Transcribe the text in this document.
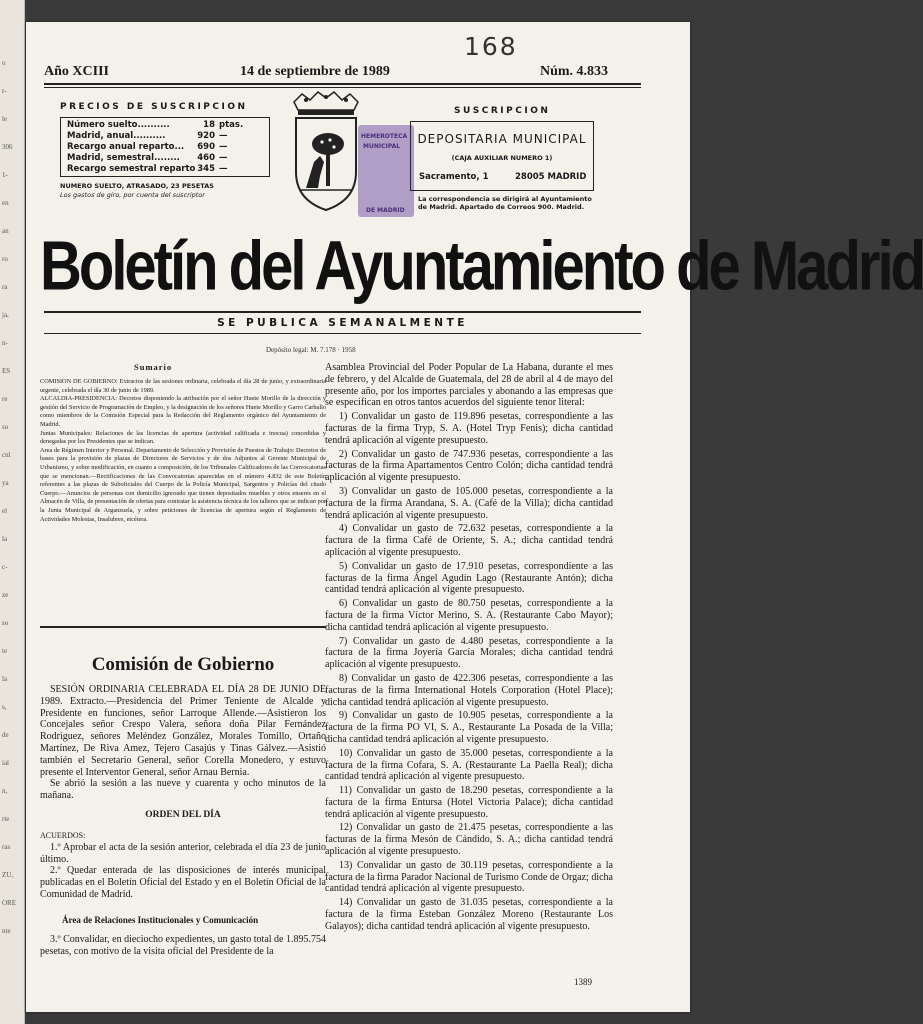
o
r-
le
306
1-
en
an
ro
ra
ja,
n-
ES
re
so
cnl
ya
el
la
c-
ze
so
te
la
s,
de
ial
n,
rte
ras
ZU,
ORE
nte
168
Año XCIII	14 de septiembre de 1989	Núm. 4.833
PRECIOS DE SUSCRIPCION
Número suelto..........	18 ptas.
Madrid, anual..........	920 —
Recargo anual reparto...	690 —
Madrid, semestral........	460 —
Recargo semestral reparto 345 —
NUMERO SUELTO, ATRASADO, 23 PESETAS
Los gastos de giro, por cuenta del suscriptor
HEMEROTECA
MUNICIPAL
DE MADRID
SUSCRIPCION
DEPOSITARIA MUNICIPAL
(CAJA AUXILIAR NUMERO 1)
Sacramento, 1	28005 MADRID
La correspondencia se dirigirá al Ayuntamiento
de Madrid. Apartado de Correos 900. Madrid.
Boletín del Ayuntamiento de Madrid
SE PUBLICA SEMANALMENTE
Depósito legal: M. 7.178 · 1958
Sumario

COMISION DE GOBIERNO: Extractos de las sesiones ordinaria, celebrada el día 28 de junio, y extraordinaria urgente, celebrada el día 30 de junio de 1989.

ALCALDIA-PRESIDENCIA: Decretos disponiendo la atribución por el señor Huete Morillo de la dirección y gestión del Servicio de Programación de Empleo, y la designación de los señores Huete Morillo y Garro Carballo como miembros de la Comisión Especial para la Redacción del Reglamento orgánico del Ayuntamiento de Madrid.

Juntas Municipales: Relaciones de las licencias de apertura (actividad calificada e inocua) concedidas y denegadas por los Presidentes que se indican.

Area de Régimen Interior y Personal. Departamento de Selección y Provisión de Puestos de Trabajo: Decretos de bases para la provisión de plazas de Directores de Servicios y de dos Adjuntos al Gerente Municipal de Urbanismo, y sobre modificación, en cuanto a composición, de los Tribunales Calificadores de las Convocatorias que se mencionan.—Rectificaciones de las Convocatorias aparecidas en el número 4.832 de este Boletín referentes a las plazas de Suboficiales del Cuerpo de la Policía Municipal, Sargentos y Policías del citado Cuerpo.—Anuncios de personas con domicilio ignorado que tienen depositados muebles y otros enseres en el Almacén de Villa, de presentación de ofertas para contratar la asistencia técnica de los talleres que se indican por la Junta Municipal de Arganzuela, y sobre peticiones de licencias de apertura según el Reglamento de Actividades Molestas, Insalubres, etcétera.

Comisión de Gobierno

SESIÓN ORDINARIA CELEBRADA EL DÍA 28 DE JUNIO DE 1989. Extracto.—Presidencia del Primer Teniente de Alcalde y Presidente en funciones, señor Larroque Allende.—Asistieron los Concejales señor Crespo Valera, señora doña Pilar Fernández Rodríguez, señores Meléndez González, Morales Tomillo, Ortaño Martínez, De Riva Amez, Tejero Casajús y Tinas Gálvez.—Asistió también el Secretario General, señor Corella Monedero, y estuvo presente el Interventor General, señor Arnau Bernia.

Se abrió la sesión a las nueve y cuarenta y ocho minutos de la mañana.

ORDEN DEL DÍA

ACUERDOS:

1.º Aprobar el acta de la sesión anterior, celebrada el día 23 de junio último.

2.º Quedar enterada de las disposiciones de interés municipal publicadas en el Boletín Oficial del Estado y en el Boletín Oficial de la Comunidad de Madrid.

Área de Relaciones Institucionales y Comunicación

3.º Convalidar, en dieciocho expedientes, un gasto total de 1.895.754 pesetas, con motivo de la visita oficial del Presidente de la

Asamblea Provincial del Poder Popular de La Habana, durante el mes de febrero, y del Alcalde de Guatemala, del 28 de abril al 4 de mayo del presente año, por los importes parciales y abonando a las empresas que se especifican en otros tantos acuerdos del siguiente tenor literal:

1) Convalidar un gasto de 119.896 pesetas, correspondiente a las facturas de la firma Tryp, S. A. (Hotel Tryp Fenis); dicha cantidad tendrá aplicación al vigente presupuesto.

2) Convalidar un gasto de 747.936 pesetas, correspondiente a las facturas de la firma Apartamentos Centro Colón; dicha cantidad tendrá aplicación al vigente presupuesto.

3) Convalidar un gasto de 105.000 pesetas, correspondiente a la factura de la firma Arandana, S. A. (Café de la Villa); dicha cantidad tendrá aplicación al vigente presupuesto.

4) Convalidar un gasto de 72.632 pesetas, correspondiente a la factura de la firma Café de Oriente, S. A.; dicha cantidad tendrá aplicación al vigente presupuesto.

5) Convalidar un gasto de 17.910 pesetas, correspondiente a las facturas de la firma Ángel Agudín Lago (Restaurante Antón); dicha cantidad tendrá aplicación al vigente presupuesto.

6) Convalidar un gasto de 80.750 pesetas, correspondiente a la factura de la firma Víctor Merino, S. A. (Restaurante Cabo Mayor); dicha cantidad tendrá aplicación al vigente presupuesto.

7) Convalidar un gasto de 4.480 pesetas, correspondiente a la factura de la firma Joyería García Morales; dicha cantidad tendrá aplicación al vigente presupuesto.

8) Convalidar un gasto de 422.306 pesetas, correspondiente a las facturas de la firma International Hotels Corporation (Hotel Place); dicha cantidad tendrá aplicación al vigente presupuesto.

9) Convalidar un gasto de 10.905 pesetas, correspondiente a la factura de la firma PO VI, S. A., Restaurante La Posada de la Villa; dicha cantidad tendrá aplicación al vigente presupuesto.

10) Convalidar un gasto de 35.000 pesetas, correspondiente a la factura de la firma Cofara, S. A. (Restaurante La Paella Real); dicha cantidad tendrá aplicación al vigente presupuesto.

11) Convalidar un gasto de 18.290 pesetas, correspondiente a la factura de la firma Entursa (Hotel Victoria Palace); dicha cantidad tendrá aplicación al vigente presupuesto.

12) Convalidar un gasto de 21.475 pesetas, correspondiente a las facturas de la firma Mesón de Cándido, S. A.; dicha cantidad tendrá aplicación al vigente presupuesto.

13) Convalidar un gasto de 30.119 pesetas, correspondiente a la factura de la firma Parador Nacional de Turismo Conde de Orgaz; dicha cantidad tendrá aplicación al vigente presupuesto.

14) Convalidar un gasto de 31.035 pesetas, correspondiente a la factura de la firma Esteban González Moreno (Restaurante Los Galayos); dicha cantidad tendrá aplicación al vigente presupuesto.

1389
